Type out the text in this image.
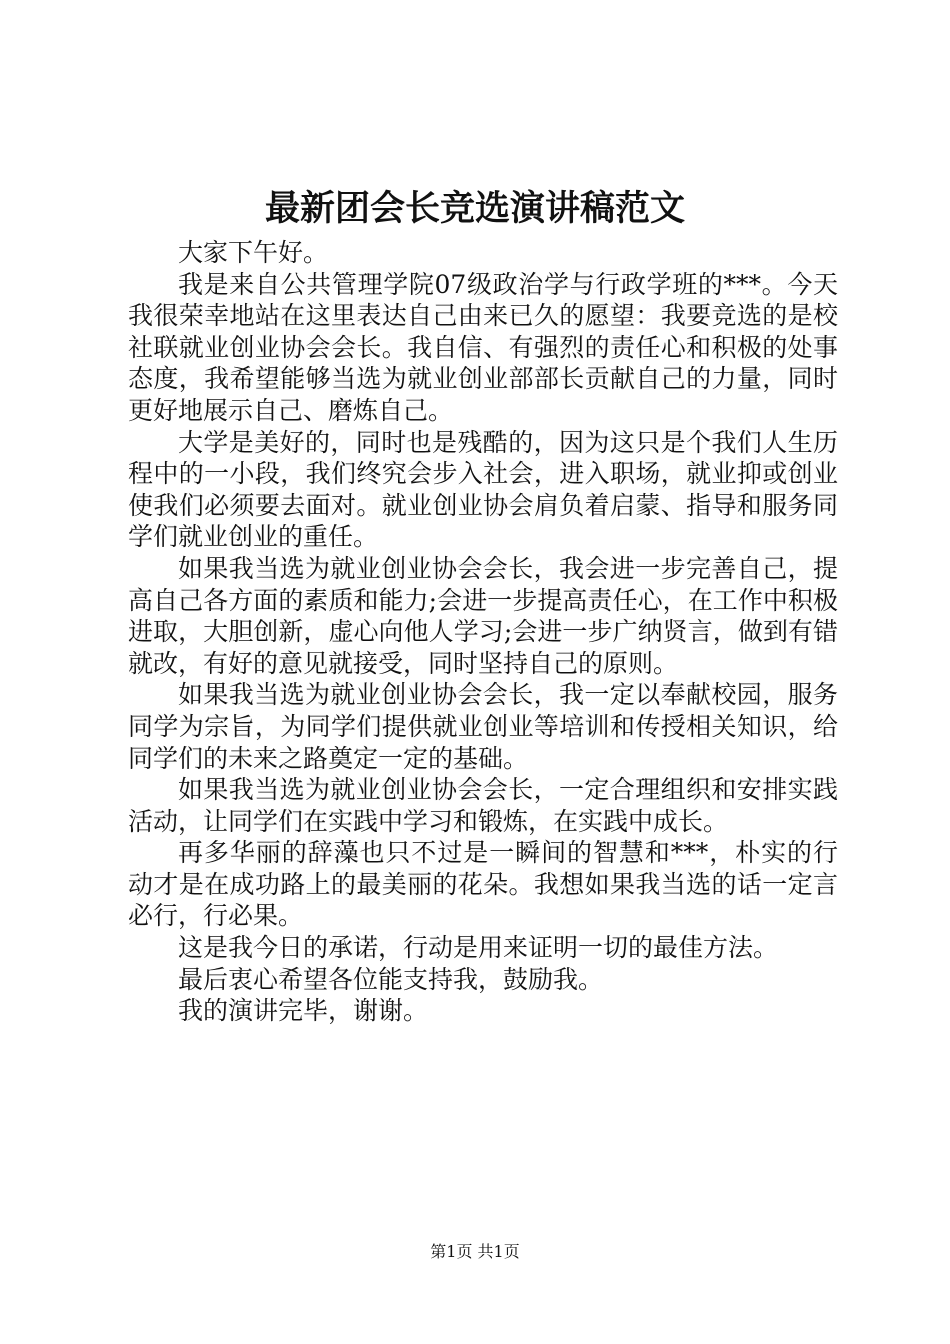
最新团会长竞选演讲稿范文

大家下午好。

我是来自公共管理学院07级政治学与行政学班的***。今天我很荣幸地站在这里表达自己由来已久的愿望：我要竞选的是校社联就业创业协会会长。我自信、有强烈的责任心和积极的处事态度，我希望能够当选为就业创业部部长贡献自己的力量，同时更好地展示自己、磨炼自己。

大学是美好的，同时也是残酷的，因为这只是个我们人生历程中的一小段，我们终究会步入社会，进入职场，就业抑或创业使我们必须要去面对。就业创业协会肩负着启蒙、指导和服务同学们就业创业的重任。

如果我当选为就业创业协会会长，我会进一步完善自己，提高自己各方面的素质和能力;会进一步提高责任心，在工作中积极进取，大胆创新，虚心向他人学习;会进一步广纳贤言，做到有错就改，有好的意见就接受，同时坚持自己的原则。

如果我当选为就业创业协会会长，我一定以奉献校园，服务同学为宗旨，为同学们提供就业创业等培训和传授相关知识，给同学们的未来之路奠定一定的基础。

如果我当选为就业创业协会会长，一定合理组织和安排实践活动，让同学们在实践中学习和锻炼，在实践中成长。

再多华丽的辞藻也只不过是一瞬间的智慧和***，朴实的行动才是在成功路上的最美丽的花朵。我想如果我当选的话一定言必行，行必果。

这是我今日的承诺，行动是用来证明一切的最佳方法。

最后衷心希望各位能支持我，鼓励我。

我的演讲完毕，谢谢。

第1页 共1页
